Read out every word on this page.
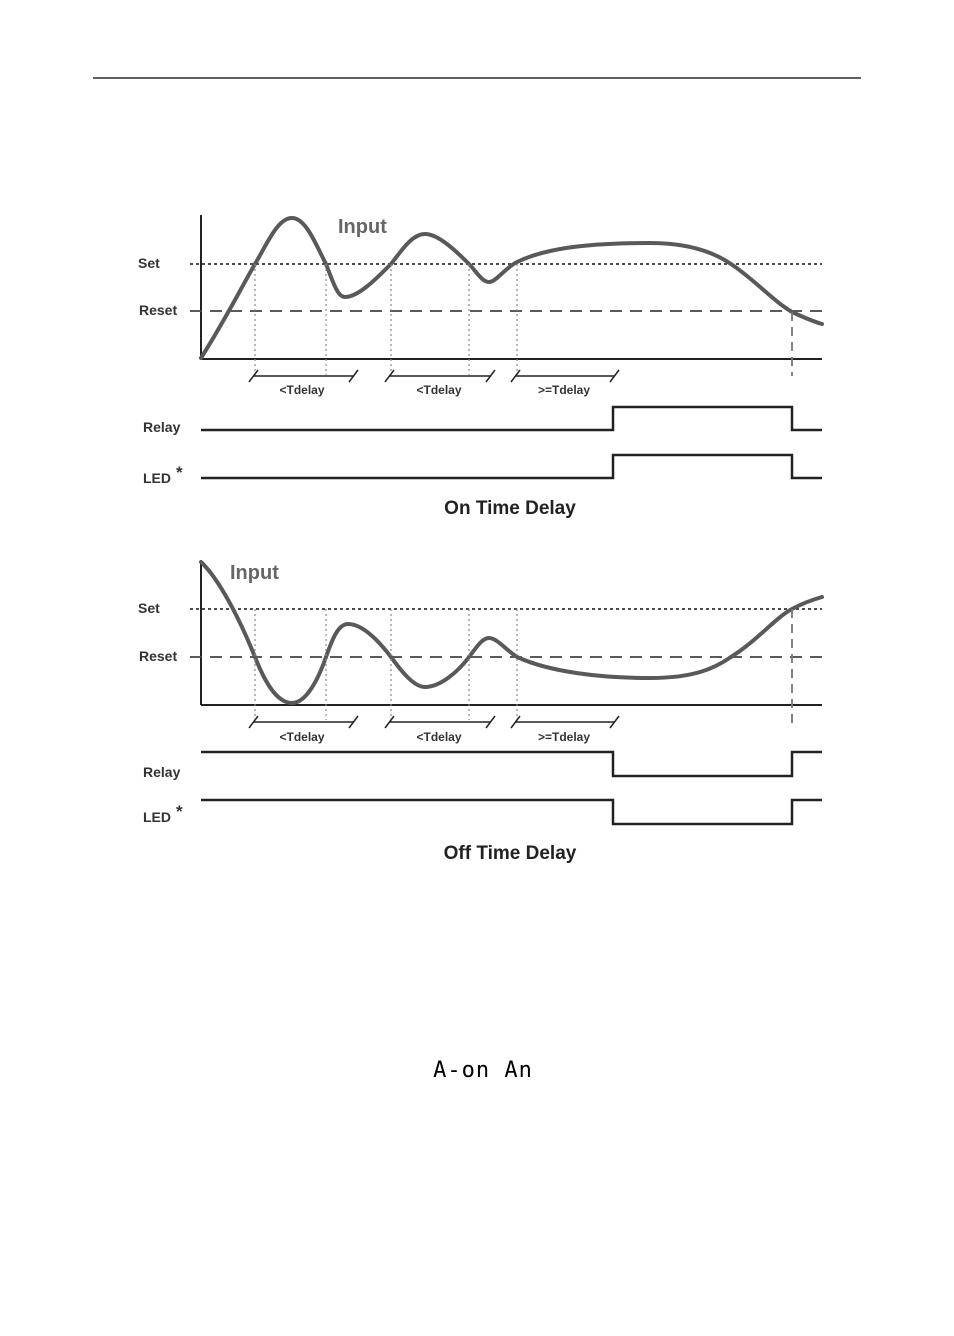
Set
Reset
Input
<Tdelay	<Tdelay	>=Tdelay
Relay
LED *
On Time Delay
Set
Reset
Input
<Tdelay	<Tdelay	>=Tdelay
Relay
LED *
Off Time Delay
A-on An
